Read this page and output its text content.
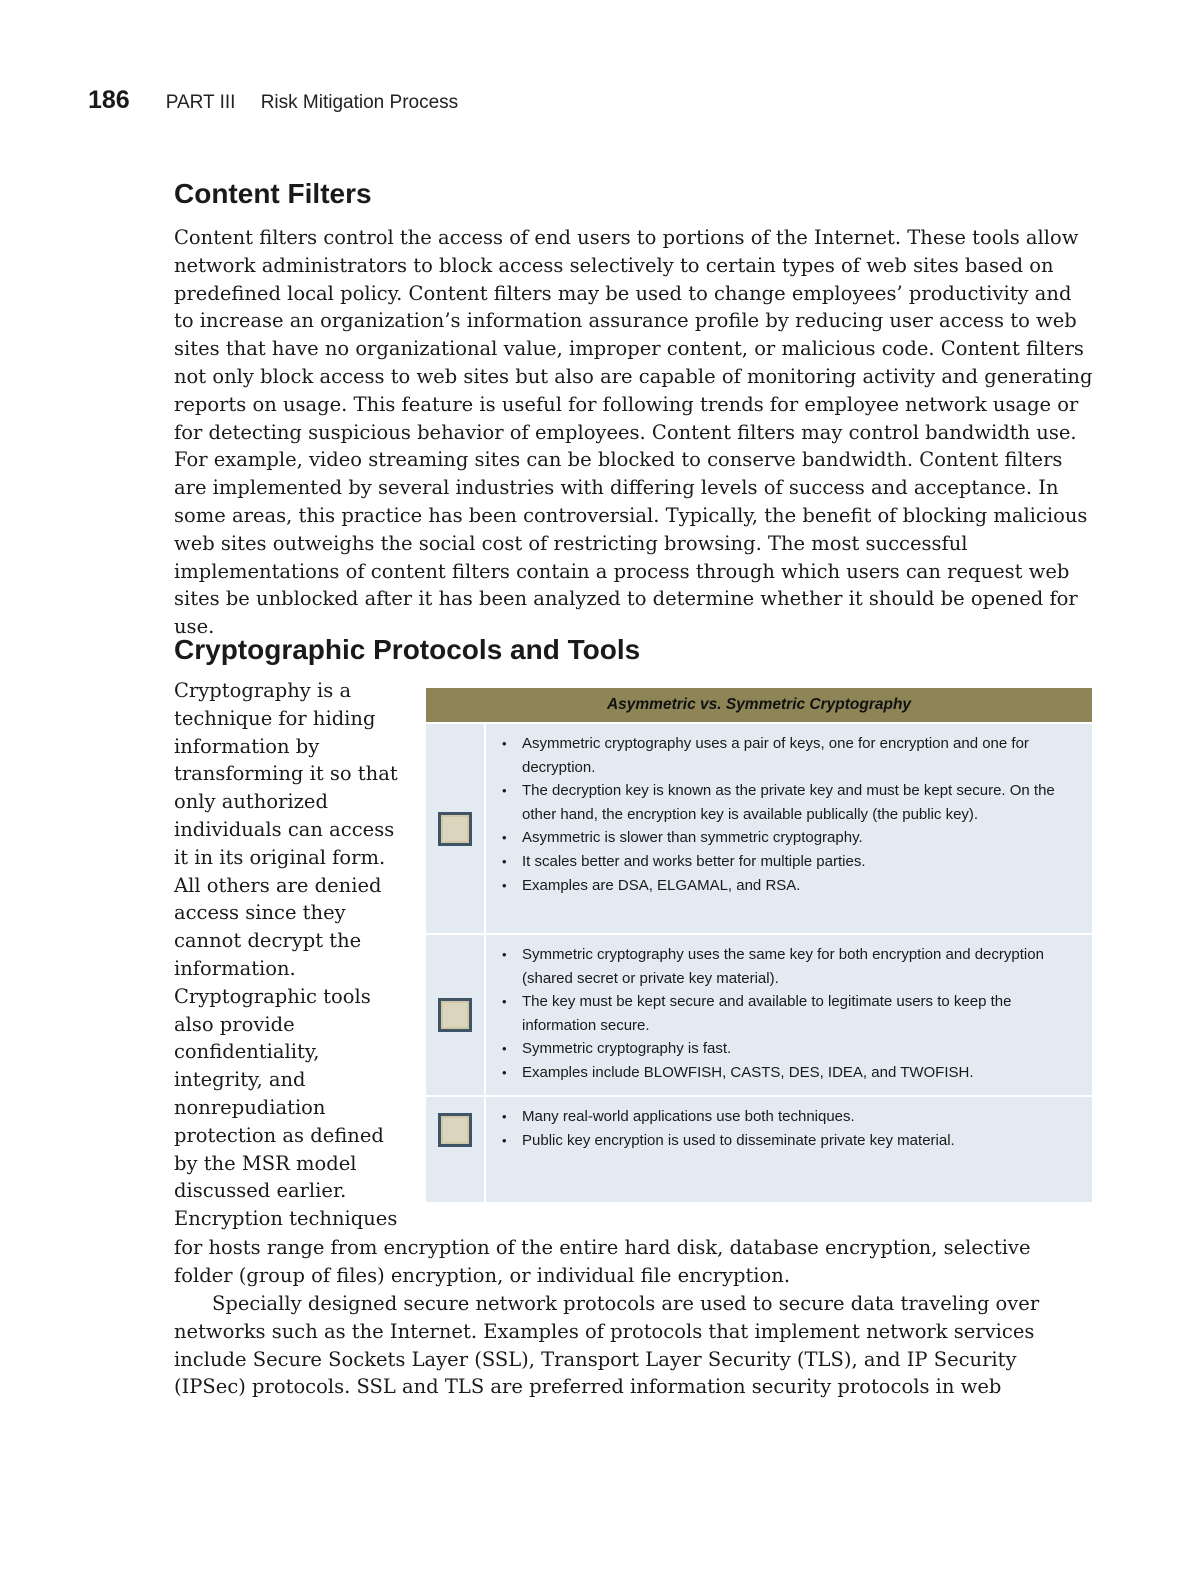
186 PART III Risk Mitigation Process
Content Filters

Content filters control the access of end users to portions of the Internet. These tools allow network administrators to block access selectively to certain types of web sites based on predefined local policy. Content filters may be used to change employees’ productivity and to increase an organization’s information assurance profile by reducing user access to web sites that have no organizational value, improper content, or malicious code. Content filters not only block access to web sites but also are capable of monitoring activity and generating reports on usage. This feature is useful for following trends for employee network usage or for detecting suspicious behavior of employees. Content filters may control bandwidth use. For example, video streaming sites can be blocked to conserve bandwidth. Content filters are implemented by several industries with differing levels of success and acceptance. In some areas, this practice has been controversial. Typically, the benefit of blocking malicious web sites outweighs the social cost of restricting browsing. The most successful implementations of content filters contain a process through which users can request web sites be unblocked after it has been analyzed to determine whether it should be opened for use.

Cryptographic Protocols and Tools
Cryptography is a
technique for hiding
information by
transforming it so that
only authorized
individuals can access
it in its original form.
All others are denied
access since they
cannot decrypt the
information.
Cryptographic tools
also provide
confidentiality,
integrity, and
nonrepudiation
protection as defined
by the MSR model
discussed earlier.
Encryption techniques
Asymmetric vs. Symmetric Cryptography
• Asymmetric cryptography uses a pair of keys, one for encryption and one for decryption.
• The decryption key is known as the private key and must be kept secure. On the other hand, the encryption key is available publically (the public key).
• Asymmetric is slower than symmetric cryptography.
• It scales better and works better for multiple parties.
• Examples are DSA, ELGAMAL, and RSA.
• Symmetric cryptography uses the same key for both encryption and decryption (shared secret or private key material).
• The key must be kept secure and available to legitimate users to keep the information secure.
• Symmetric cryptography is fast.
• Examples include BLOWFISH, CASTS, DES, IDEA, and TWOFISH.
• Many real-world applications use both techniques.
• Public key encryption is used to disseminate private key material.

for hosts range from encryption of the entire hard disk, database encryption, selective folder (group of files) encryption, or individual file encryption.

Specially designed secure network protocols are used to secure data traveling over networks such as the Internet. Examples of protocols that implement network services include Secure Sockets Layer (SSL), Transport Layer Security (TLS), and IP Security (IPSec) protocols. SSL and TLS are preferred information security protocols in web
